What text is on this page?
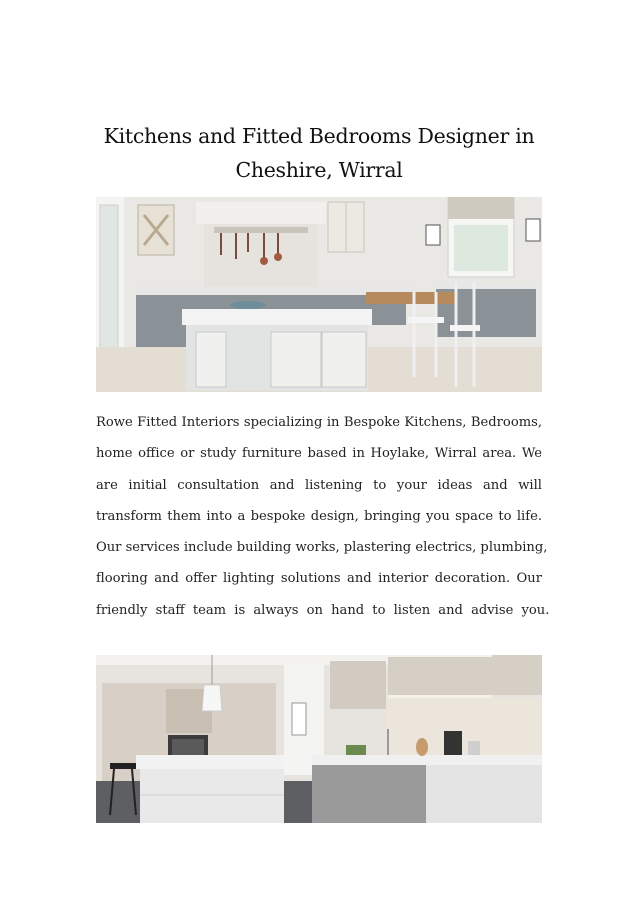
Kitchens and Fitted Bedrooms Designer in
Cheshire, Wirral
Rowe Fitted Interiors specializing in Bespoke Kitchens, Bedrooms,
home office or study furniture based in Hoylake, Wirral area. We
are initial consultation and listening to your ideas and will
transform them into a bespoke design, bringing you space to life.
Our services include building works, plastering electrics, plumbing,
flooring and offer lighting solutions and interior decoration. Our
friendly staff team is always on hand to listen and advise you.
